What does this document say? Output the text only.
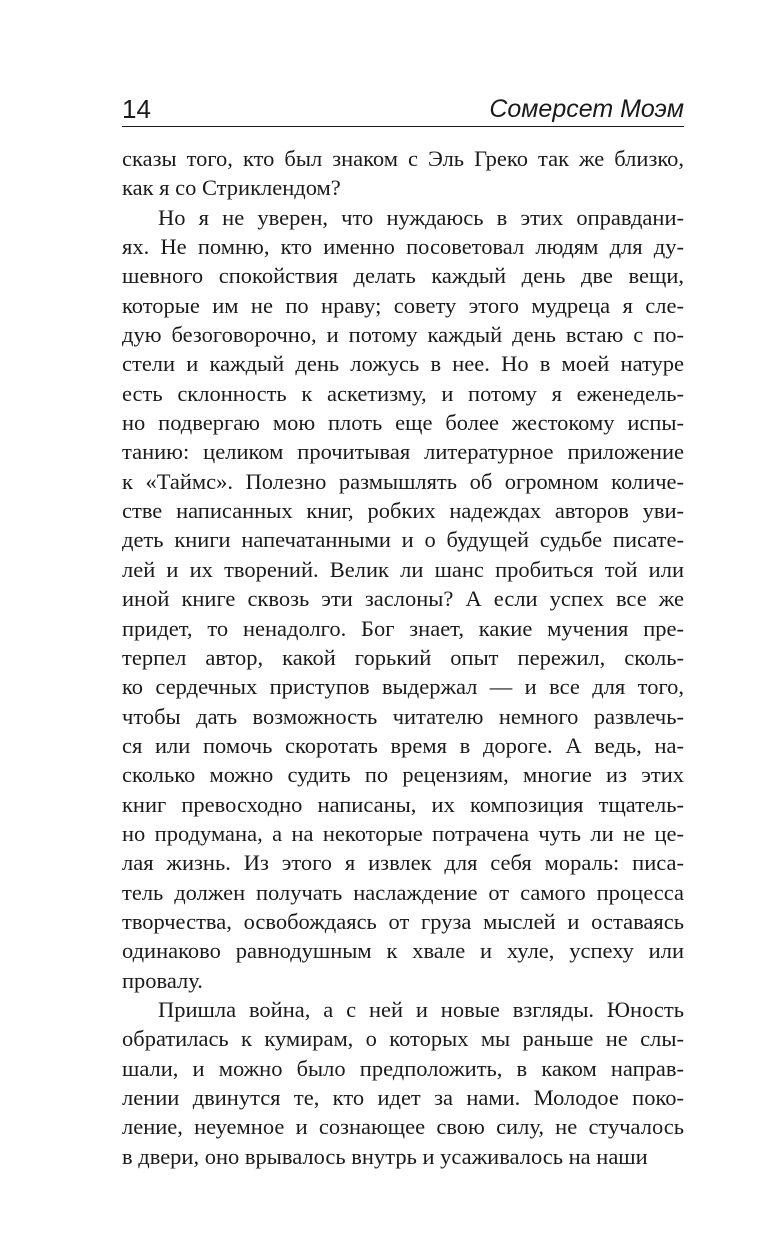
14	Сомерсет Моэм
сказы того, кто был знаком с Эль Греко так же близко,
как я со Стриклендом?
Но я не уверен, что нуждаюсь в этих оправдани-
ях. Не помню, кто именно посоветовал людям для ду-
шевного спокойствия делать каждый день две вещи,
которые им не по нраву; совету этого мудреца я сле-
дую безоговорочно, и потому каждый день встаю с по-
стели и каждый день ложусь в нее. Но в моей натуре
есть склонность к аскетизму, и потому я еженедель-
но подвергаю мою плоть еще более жестокому испы-
танию: целиком прочитывая литературное приложение
к «Таймс». Полезно размышлять об огромном количе-
стве написанных книг, робких надеждах авторов уви-
деть книги напечатанными и о будущей судьбе писате-
лей и их творений. Велик ли шанс пробиться той или
иной книге сквозь эти заслоны? А если успех все же
придет, то ненадолго. Бог знает, какие мучения пре-
терпел автор, какой горький опыт пережил, сколь-
ко сердечных приступов выдержал — и все для того,
чтобы дать возможность читателю немного развлечь-
ся или помочь скоротать время в дороге. А ведь, на-
сколько можно судить по рецензиям, многие из этих
книг превосходно написаны, их композиция тщатель-
но продумана, а на некоторые потрачена чуть ли не це-
лая жизнь. Из этого я извлек для себя мораль: писа-
тель должен получать наслаждение от самого процесса
творчества, освобождаясь от груза мыслей и оставаясь
одинаково равнодушным к хвале и хуле, успеху или
провалу.
Пришла война, а с ней и новые взгляды. Юность
обратилась к кумирам, о которых мы раньше не слы-
шали, и можно было предположить, в каком направ-
лении двинутся те, кто идет за нами. Молодое поко-
ление, неуемное и сознающее свою силу, не стучалось
в двери, оно врывалось внутрь и усаживалось на наши
